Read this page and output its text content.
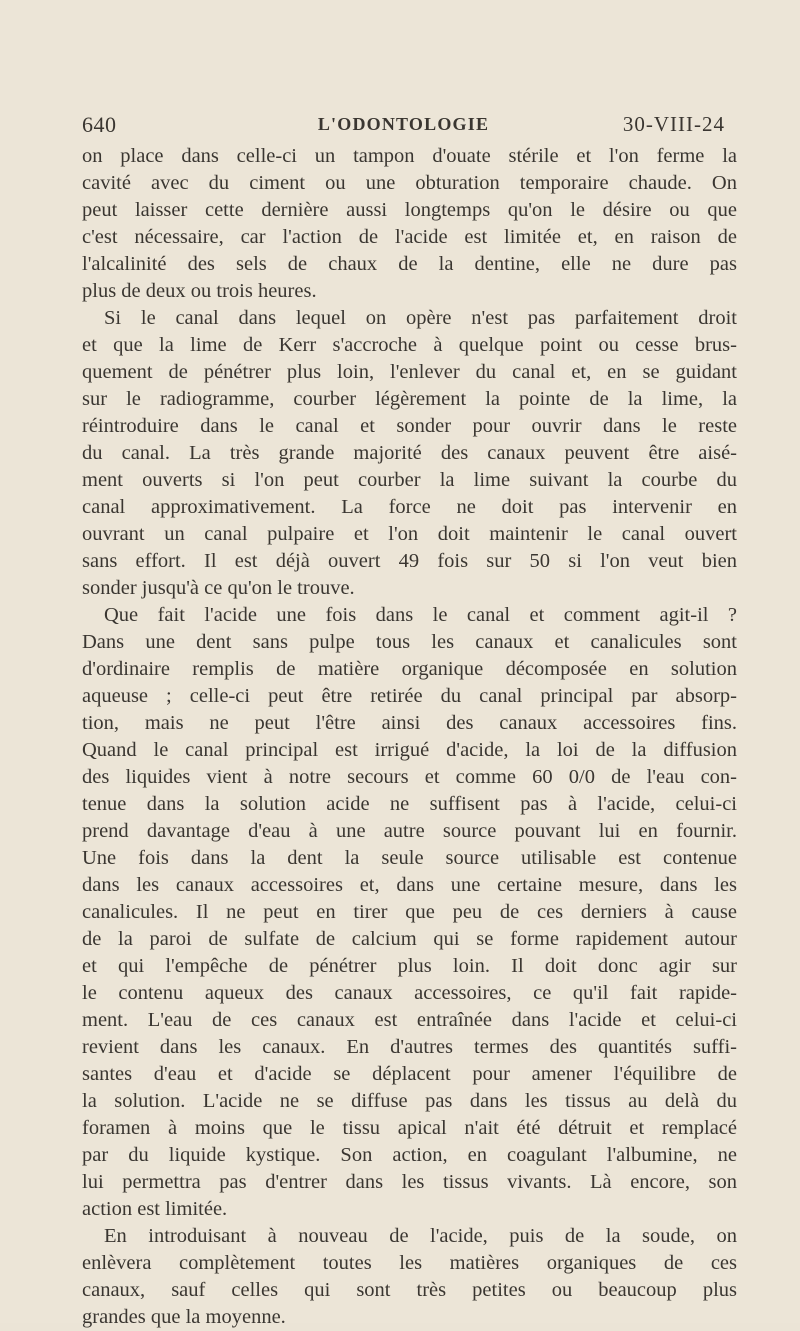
640	L'ODONTOLOGIE	30-VIII-24

on place dans celle-ci un tampon d'ouate stérile et l'on ferme la
cavité avec du ciment ou une obturation temporaire chaude. On
peut laisser cette dernière aussi longtemps qu'on le désire ou que
c'est nécessaire, car l'action de l'acide est limitée et, en raison de
l'alcalinité des sels de chaux de la dentine, elle ne dure pas
plus de deux ou trois heures.

Si le canal dans lequel on opère n'est pas parfaitement droit
et que la lime de Kerr s'accroche à quelque point ou cesse brus-
quement de pénétrer plus loin, l'enlever du canal et, en se guidant
sur le radiogramme, courber légèrement la pointe de la lime, la
réintroduire dans le canal et sonder pour ouvrir dans le reste
du canal. La très grande majorité des canaux peuvent être aisé-
ment ouverts si l'on peut courber la lime suivant la courbe du
canal approximativement. La force ne doit pas intervenir en
ouvrant un canal pulpaire et l'on doit maintenir le canal ouvert
sans effort. Il est déjà ouvert 49 fois sur 50 si l'on veut bien
sonder jusqu'à ce qu'on le trouve.

Que fait l'acide une fois dans le canal et comment agit-il ?
Dans une dent sans pulpe tous les canaux et canalicules sont
d'ordinaire remplis de matière organique décomposée en solution
aqueuse ; celle-ci peut être retirée du canal principal par absorp-
tion, mais ne peut l'être ainsi des canaux accessoires fins.
Quand le canal principal est irrigué d'acide, la loi de la diffusion
des liquides vient à notre secours et comme 60 0/0 de l'eau con-
tenue dans la solution acide ne suffisent pas à l'acide, celui-ci
prend davantage d'eau à une autre source pouvant lui en fournir.
Une fois dans la dent la seule source utilisable est contenue
dans les canaux accessoires et, dans une certaine mesure, dans les
canalicules. Il ne peut en tirer que peu de ces derniers à cause
de la paroi de sulfate de calcium qui se forme rapidement autour
et qui l'empêche de pénétrer plus loin. Il doit donc agir sur
le contenu aqueux des canaux accessoires, ce qu'il fait rapide-
ment. L'eau de ces canaux est entraînée dans l'acide et celui-ci
revient dans les canaux. En d'autres termes des quantités suffi-
santes d'eau et d'acide se déplacent pour amener l'équilibre de
la solution. L'acide ne se diffuse pas dans les tissus au delà du
foramen à moins que le tissu apical n'ait été détruit et remplacé
par du liquide kystique. Son action, en coagulant l'albumine, ne
lui permettra pas d'entrer dans les tissus vivants. Là encore, son
action est limitée.

En introduisant à nouveau de l'acide, puis de la soude, on
enlèvera complètement toutes les matières organiques de ces
canaux, sauf celles qui sont très petites ou beaucoup plus
grandes que la moyenne.
